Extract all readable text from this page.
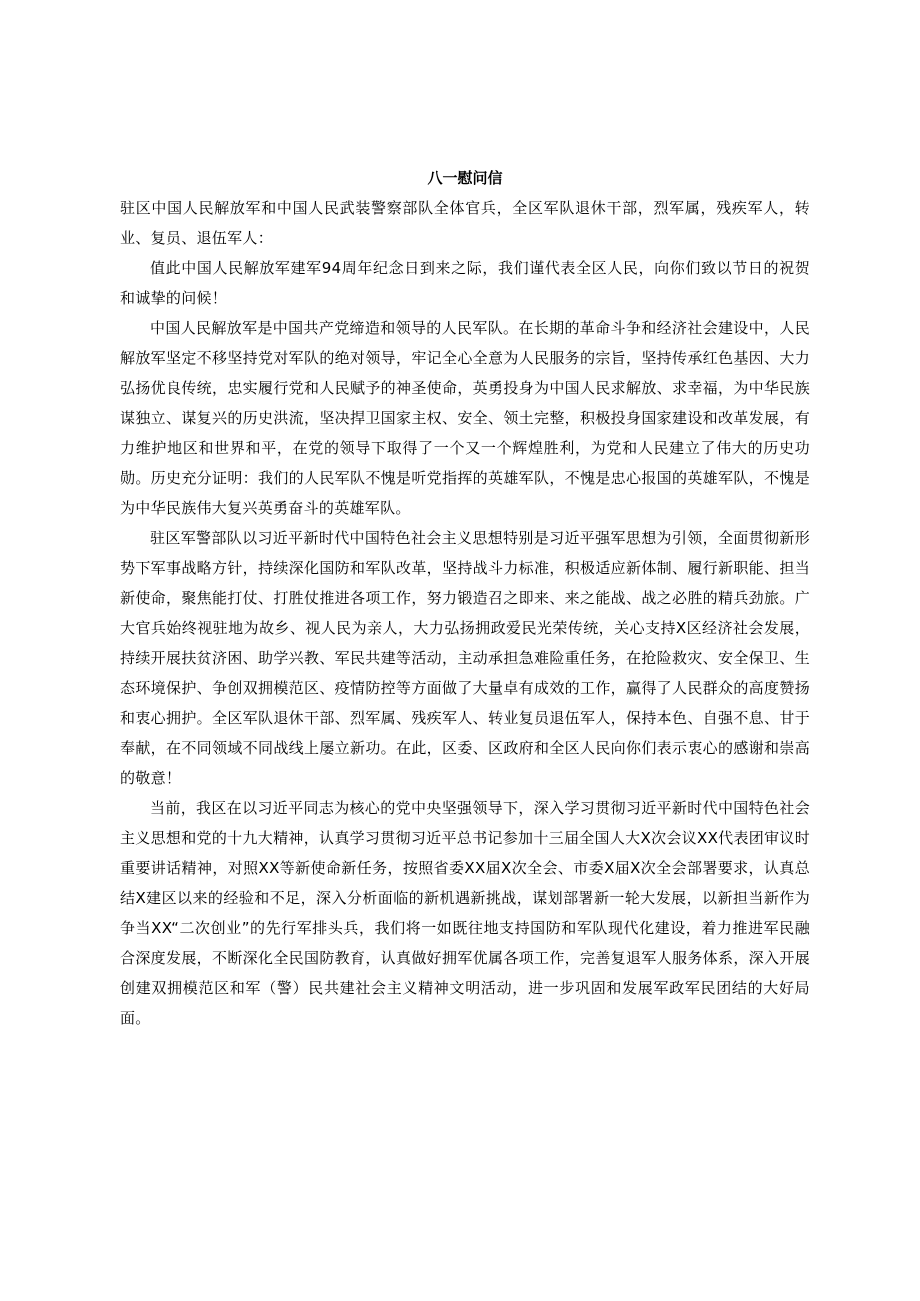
八一慰问信

驻区中国人民解放军和中国人民武装警察部队全体官兵，全区军队退休干部，烈军属，残疾军人，转业、复员、退伍军人：

值此中国人民解放军建军94周年纪念日到来之际，我们谨代表全区人民，向你们致以节日的祝贺和诚挚的问候！

中国人民解放军是中国共产党缔造和领导的人民军队。在长期的革命斗争和经济社会建设中，人民解放军坚定不移坚持党对军队的绝对领导，牢记全心全意为人民服务的宗旨，坚持传承红色基因、大力弘扬优良传统，忠实履行党和人民赋予的神圣使命，英勇投身为中国人民求解放、求幸福，为中华民族谋独立、谋复兴的历史洪流，坚决捍卫国家主权、安全、领土完整，积极投身国家建设和改革发展，有力维护地区和世界和平，在党的领导下取得了一个又一个辉煌胜利，为党和人民建立了伟大的历史功勋。历史充分证明：我们的人民军队不愧是听党指挥的英雄军队，不愧是忠心报国的英雄军队，不愧是为中华民族伟大复兴英勇奋斗的英雄军队。

驻区军警部队以习近平新时代中国特色社会主义思想特别是习近平强军思想为引领，全面贯彻新形势下军事战略方针，持续深化国防和军队改革，坚持战斗力标准，积极适应新体制、履行新职能、担当新使命，聚焦能打仗、打胜仗推进各项工作，努力锻造召之即来、来之能战、战之必胜的精兵劲旅。广大官兵始终视驻地为故乡、视人民为亲人，大力弘扬拥政爱民光荣传统，关心支持X区经济社会发展，持续开展扶贫济困、助学兴教、军民共建等活动，主动承担急难险重任务，在抢险救灾、安全保卫、生态环境保护、争创双拥模范区、疫情防控等方面做了大量卓有成效的工作，赢得了人民群众的高度赞扬和衷心拥护。全区军队退休干部、烈军属、残疾军人、转业复员退伍军人，保持本色、自强不息、甘于奉献，在不同领域不同战线上屡立新功。在此，区委、区政府和全区人民向你们表示衷心的感谢和崇高的敬意！

当前，我区在以习近平同志为核心的党中央坚强领导下，深入学习贯彻习近平新时代中国特色社会主义思想和党的十九大精神，认真学习贯彻习近平总书记参加十三届全国人大X次会议XX代表团审议时重要讲话精神，对照XX等新使命新任务，按照省委XX届X次全会、市委X届X次全会部署要求，认真总结X建区以来的经验和不足，深入分析面临的新机遇新挑战，谋划部署新一轮大发展，以新担当新作为争当XX“二次创业”的先行军排头兵，我们将一如既往地支持国防和军队现代化建设，着力推进军民融合深度发展，不断深化全民国防教育，认真做好拥军优属各项工作，完善复退军人服务体系，深入开展创建双拥模范区和军（警）民共建社会主义精神文明活动，进一步巩固和发展军政军民团结的大好局面。
